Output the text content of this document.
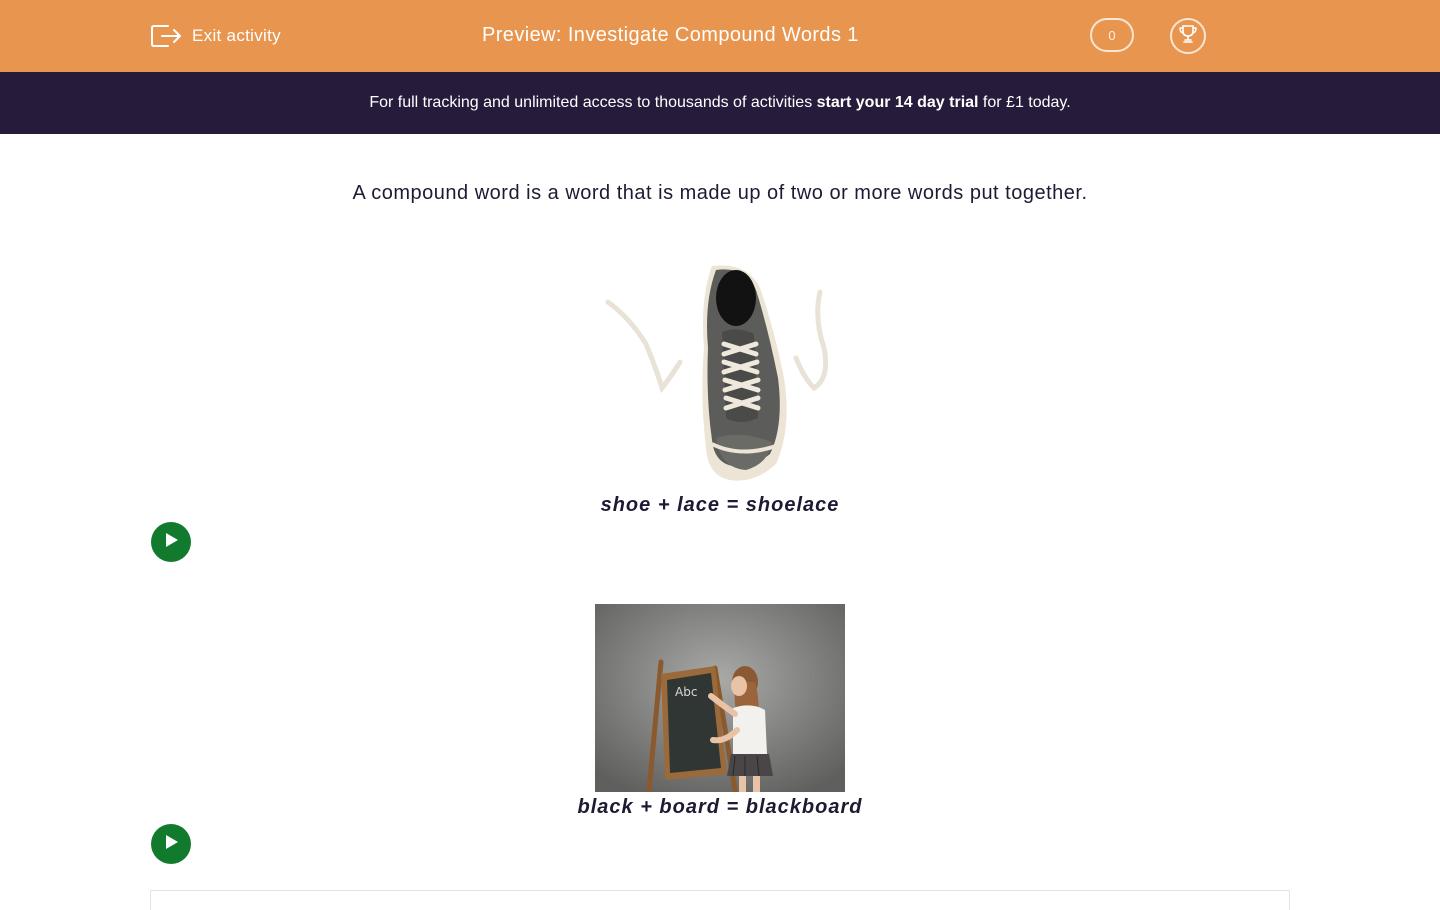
Exit activity	Preview: Investigate Compound Words 1	0
For full tracking and unlimited access to thousands of activities start your 14 day trial for £1 today.
A compound word is a word that is made up of two or more words put together.
shoe + lace = shoelace
Abc
black + board = blackboard
